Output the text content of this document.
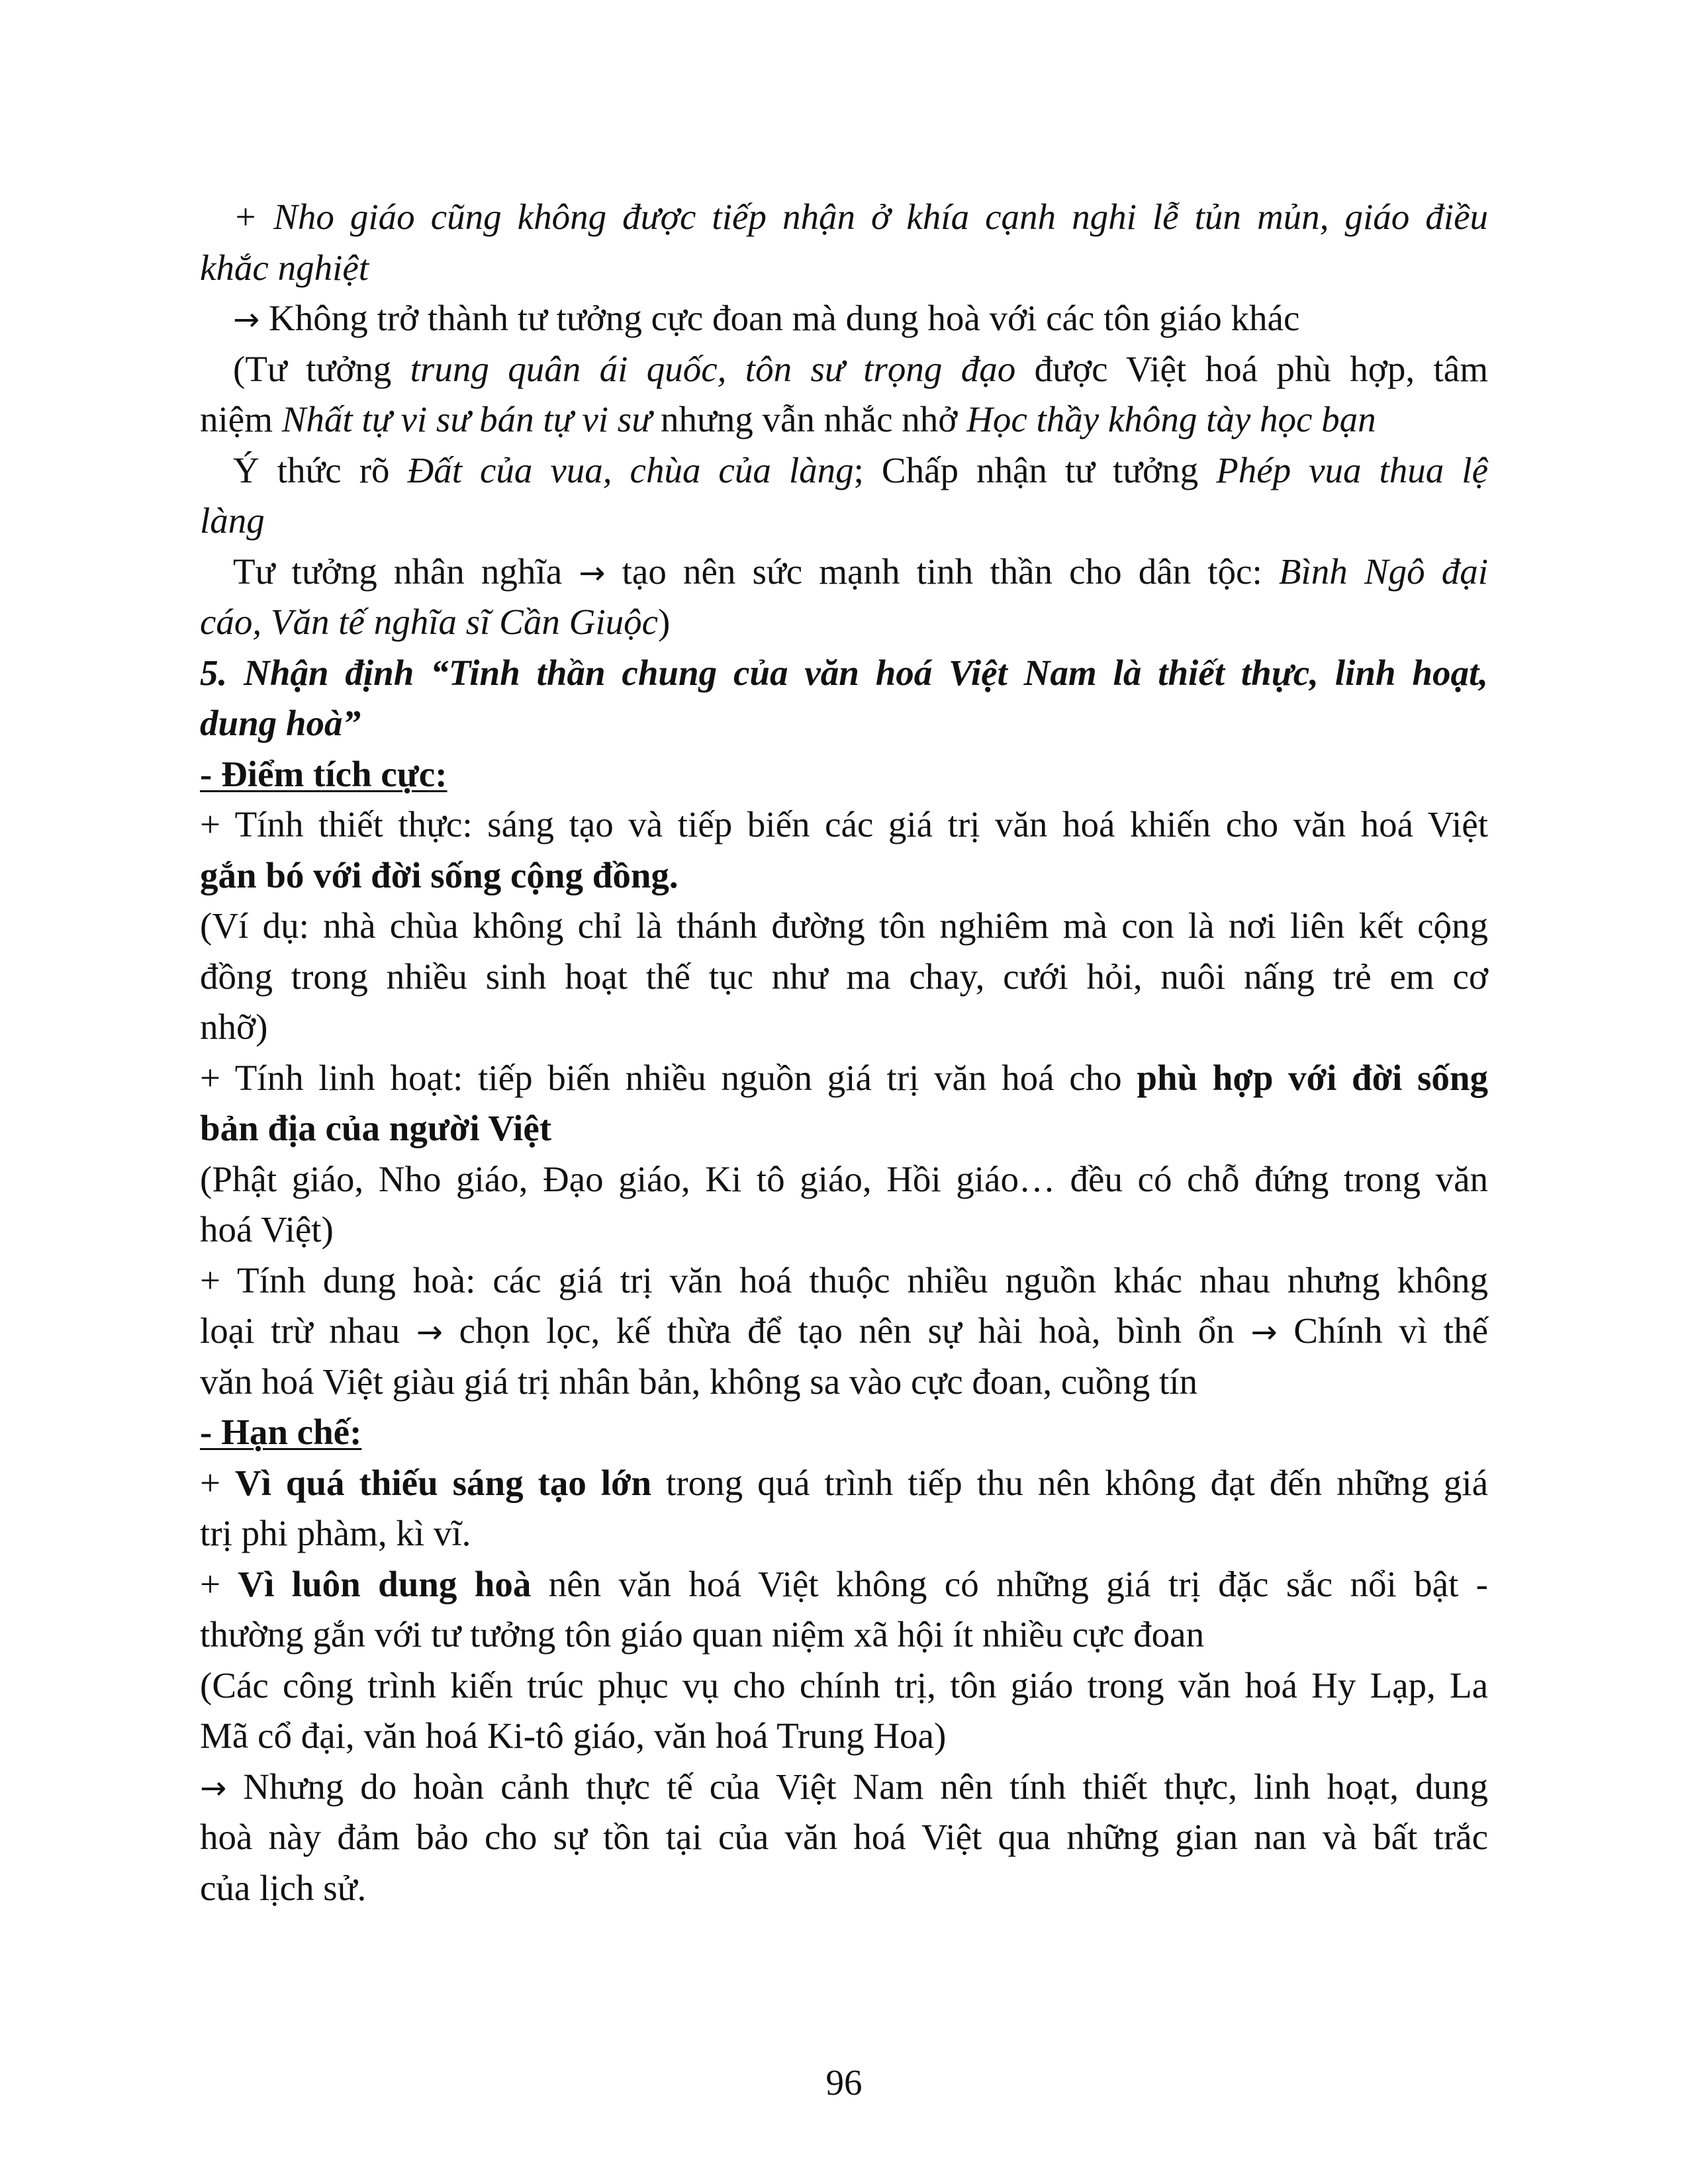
+ Nho giáo cũng không được tiếp nhận ở khía cạnh nghi lễ tủn mủn, giáo điều
khắc nghiệt
→ Không trở thành tư tưởng cực đoan mà dung hoà với các tôn giáo khác
(Tư tưởng trung quân ái quốc, tôn sư trọng đạo được Việt hoá phù hợp, tâm
niệm Nhất tự vi sư bán tự vi sư nhưng vẫn nhắc nhở Học thầy không tày học bạn
Ý thức rõ Đất của vua, chùa của làng; Chấp nhận tư tưởng Phép vua thua lệ
làng
Tư tưởng nhân nghĩa → tạo nên sức mạnh tinh thần cho dân tộc: Bình Ngô đại
cáo, Văn tế nghĩa sĩ Cần Giuộc)
5. Nhận định “Tinh thần chung của văn hoá Việt Nam là thiết thực, linh hoạt,
dung hoà”
- Điểm tích cực:
+ Tính thiết thực: sáng tạo và tiếp biến các giá trị văn hoá khiến cho văn hoá Việt
gắn bó với đời sống cộng đồng.
(Ví dụ: nhà chùa không chỉ là thánh đường tôn nghiêm mà con là nơi liên kết cộng
đồng trong nhiều sinh hoạt thế tục như ma chay, cưới hỏi, nuôi nấng trẻ em cơ
nhỡ)
+ Tính linh hoạt: tiếp biến nhiều nguồn giá trị văn hoá cho phù hợp với đời sống
bản địa của người Việt
(Phật giáo, Nho giáo, Đạo giáo, Ki tô giáo, Hồi giáo… đều có chỗ đứng trong văn
hoá Việt)
+ Tính dung hoà: các giá trị văn hoá thuộc nhiều nguồn khác nhau nhưng không
loại trừ nhau → chọn lọc, kế thừa để tạo nên sự hài hoà, bình ổn → Chính vì thế
văn hoá Việt giàu giá trị nhân bản, không sa vào cực đoan, cuồng tín
- Hạn chế:
+ Vì quá thiếu sáng tạo lớn trong quá trình tiếp thu nên không đạt đến những giá
trị phi phàm, kì vĩ.
+ Vì luôn dung hoà nên văn hoá Việt không có những giá trị đặc sắc nổi bật -
thường gắn với tư tưởng tôn giáo quan niệm xã hội ít nhiều cực đoan
(Các công trình kiến trúc phục vụ cho chính trị, tôn giáo trong văn hoá Hy Lạp, La
Mã cổ đại, văn hoá Ki-tô giáo, văn hoá Trung Hoa)
→ Nhưng do hoàn cảnh thực tế của Việt Nam nên tính thiết thực, linh hoạt, dung
hoà này đảm bảo cho sự tồn tại của văn hoá Việt qua những gian nan và bất trắc
của lịch sử.
96
